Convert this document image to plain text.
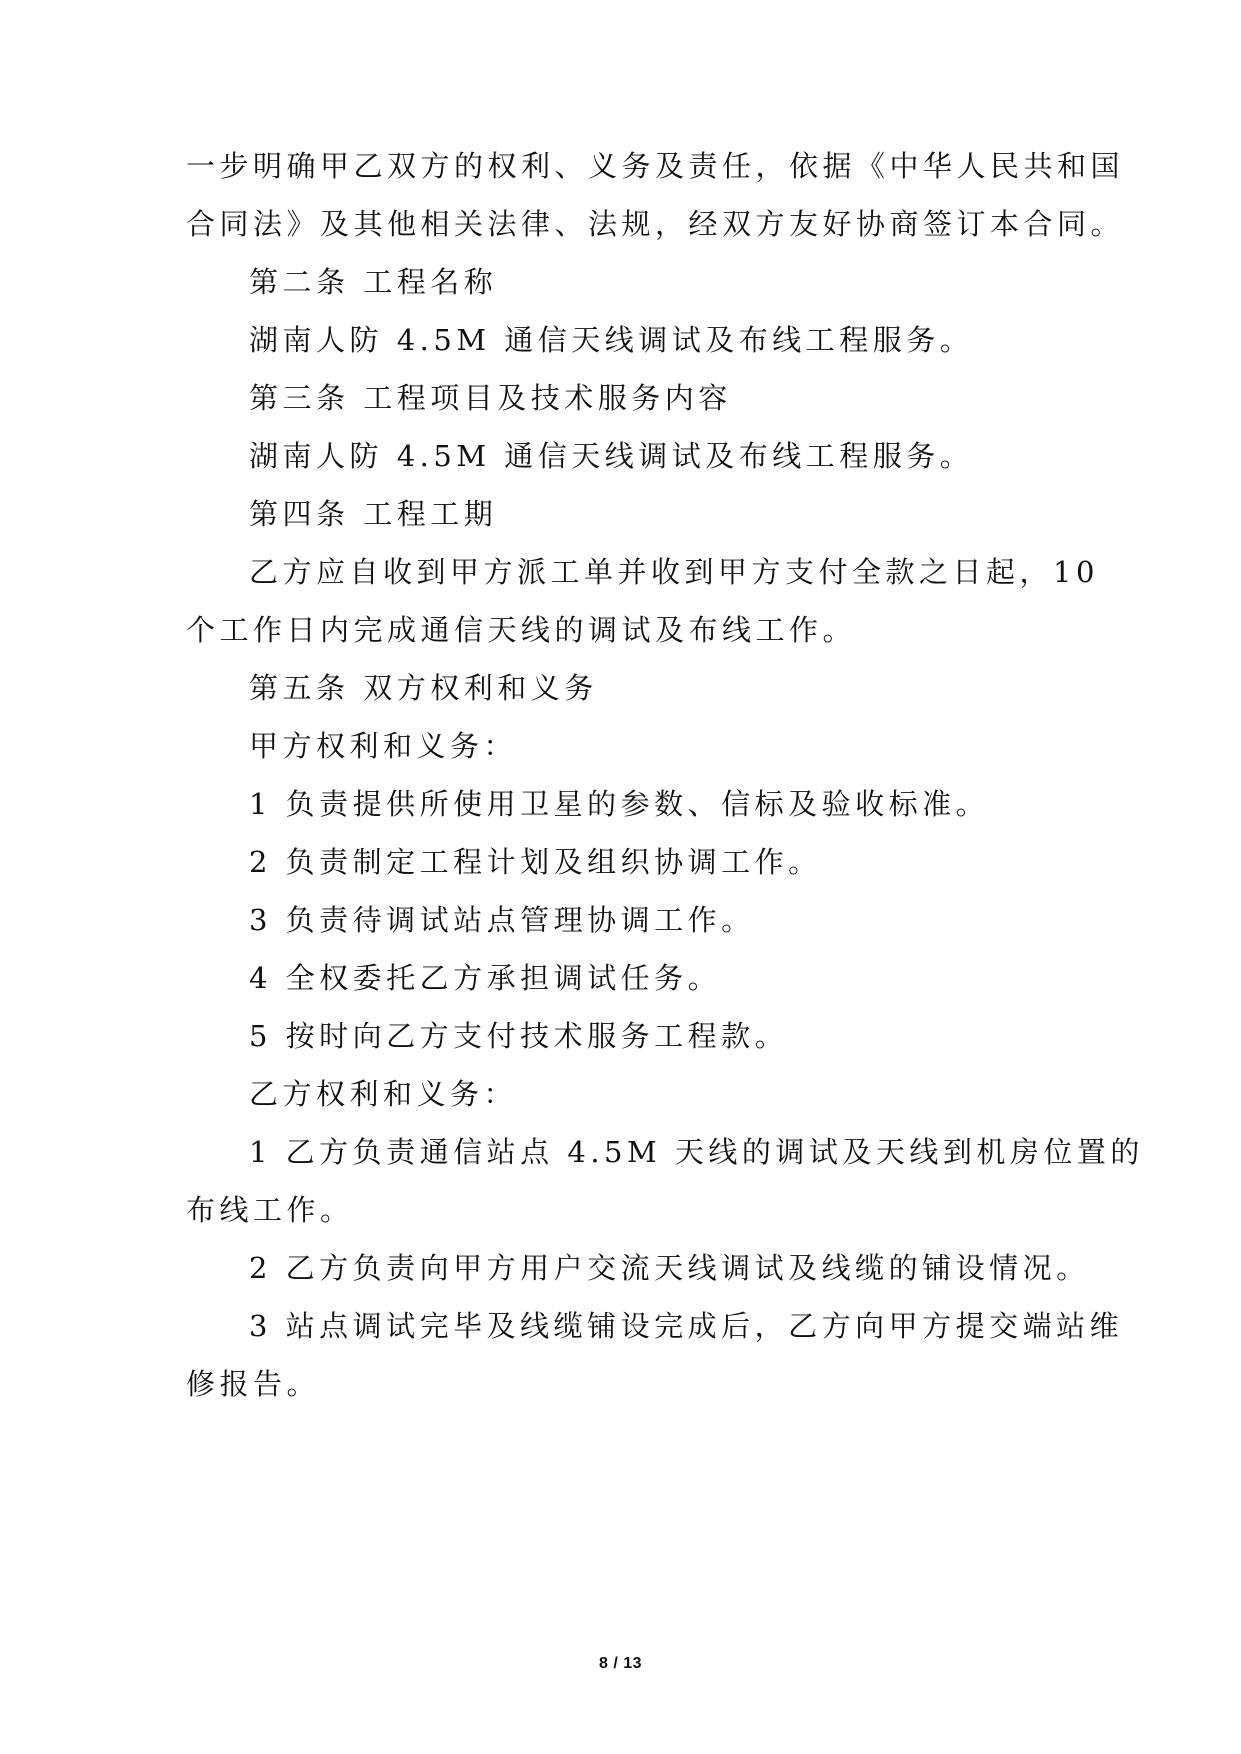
一步明确甲乙双方的权利、义务及责任，依据《中华人民共和国
合同法》及其他相关法律、法规，经双方友好协商签订本合同。
第二条 工程名称
湖南人防 4.5M 通信天线调试及布线工程服务。
第三条 工程项目及技术服务内容
湖南人防 4.5M 通信天线调试及布线工程服务。
第四条 工程工期
乙方应自收到甲方派工单并收到甲方支付全款之日起，10
个工作日内完成通信天线的调试及布线工作。
第五条 双方权利和义务
甲方权利和义务：
1 负责提供所使用卫星的参数、信标及验收标准。
2 负责制定工程计划及组织协调工作。
3 负责待调试站点管理协调工作。
4 全权委托乙方承担调试任务。
5 按时向乙方支付技术服务工程款。
乙方权利和义务：
1 乙方负责通信站点 4.5M 天线的调试及天线到机房位置的
布线工作。
2 乙方负责向甲方用户交流天线调试及线缆的铺设情况。
3 站点调试完毕及线缆铺设完成后，乙方向甲方提交端站维
修报告。
8 / 13
